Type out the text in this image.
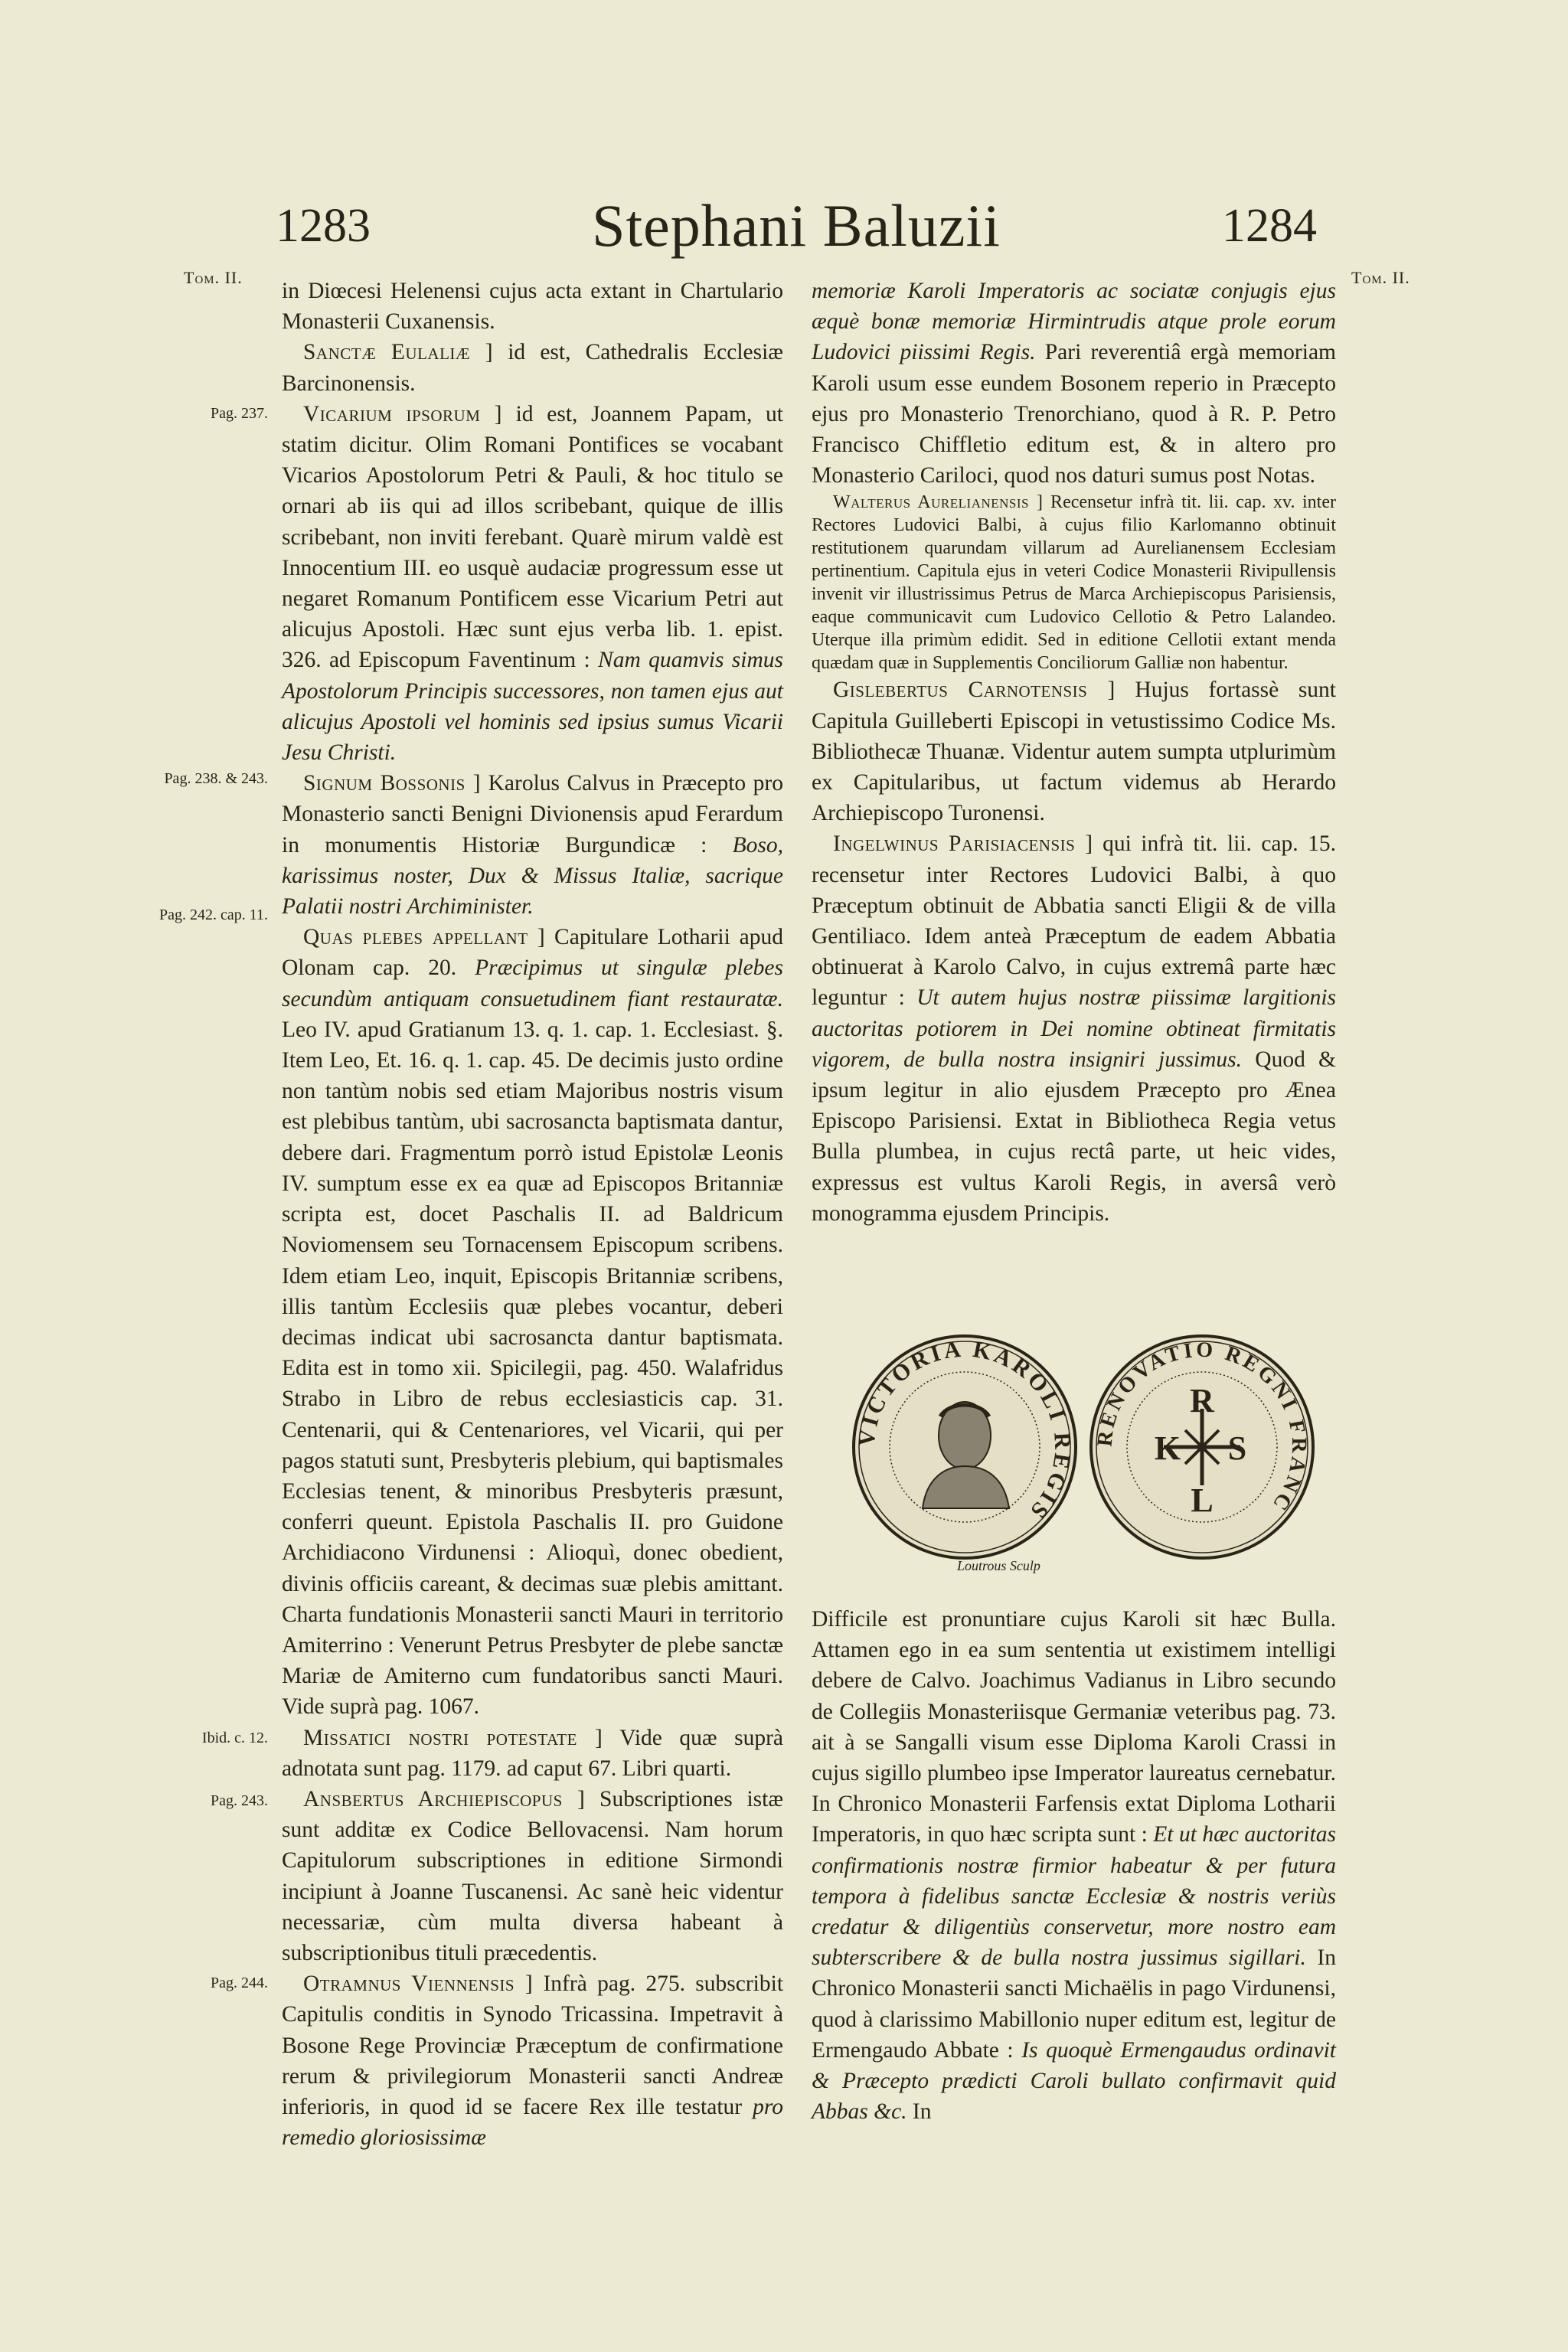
1283	Stephani Baluzii	1284
Tom. II.	Tom. II.
Pag. 237.
Pag. 238. & 243.
Pag. 242. cap. 11.
Ibid. c. 12.
Pag. 243.
Pag. 244.

in Diœcesi Helenensi cujus acta extant in Chartulario Monasterii Cuxanensis.

Sanctæ Eulaliæ ] id est, Cathedralis Ecclesiæ Barcinonensis.

Vicarium ipsorum ] id est, Joannem Papam, ut statim dicitur. Olim Romani Pontifices se vocabant Vicarios Apostolorum Petri & Pauli, & hoc titulo se ornari ab iis qui ad illos scribebant, quique de illis scribebant, non inviti ferebant. Quarè mirum valdè est Innocentium III. eo usquè audaciæ progressum esse ut negaret Romanum Pontificem esse Vicarium Petri aut alicujus Apostoli. Hæc sunt ejus verba lib. 1. epist. 326. ad Episcopum Faventinum : Nam quamvis simus Apostolorum Principis successores, non tamen ejus aut alicujus Apostoli vel hominis sed ipsius sumus Vicarii Jesu Christi.

Signum Bossonis ] Karolus Calvus in Præcepto pro Monasterio sancti Benigni Divionensis apud Ferardum in monumentis Historiæ Burgundicæ : Boso, karissimus noster, Dux & Missus Italiæ, sacrique Palatii nostri Archiminister.

Quas plebes appellant ] Capitulare Lotharii apud Olonam cap. 20. Præcipimus ut singulæ plebes secundùm antiquam consuetudinem fiant restauratæ. Leo IV. apud Gratianum 13. q. 1. cap. 1. Ecclesiast. §. Item Leo, Et. 16. q. 1. cap. 45. De decimis justo ordine non tantùm nobis sed etiam Majoribus nostris visum est plebibus tantùm, ubi sacrosancta baptismata dantur, debere dari. Fragmentum porrò istud Epistolæ Leonis IV. sumptum esse ex ea quæ ad Episcopos Britanniæ scripta est, docet Paschalis II. ad Baldricum Noviomensem seu Tornacensem Episcopum scribens. Idem etiam Leo, inquit, Episcopis Britanniæ scribens, illis tantùm Ecclesiis quæ plebes vocantur, deberi decimas indicat ubi sacrosancta dantur baptismata. Edita est in tomo xii. Spicilegii, pag. 450. Walafridus Strabo in Libro de rebus ecclesiasticis cap. 31. Centenarii, qui & Centenariores, vel Vicarii, qui per pagos statuti sunt, Presbyteris plebium, qui baptismales Ecclesias tenent, & minoribus Presbyteris præsunt, conferri queunt. Epistola Paschalis II. pro Guidone Archidiacono Virdunensi : Alioquì, donec obedient, divinis officiis careant, & decimas suæ plebis amittant. Charta fundationis Monasterii sancti Mauri in territorio Amiterrino : Venerunt Petrus Presbyter de plebe sanctæ Mariæ de Amiterno cum fundatoribus sancti Mauri. Vide suprà pag. 1067.

Missatici nostri potestate ] Vide quæ suprà adnotata sunt pag. 1179. ad caput 67. Libri quarti.

Ansbertus Archiepiscopus ] Subscriptiones istæ sunt additæ ex Codice Bellovacensi. Nam horum Capitulorum subscriptiones in editione Sirmondi incipiunt à Joanne Tuscanensi. Ac sanè heic videntur necessariæ, cùm multa diversa habeant à subscriptionibus tituli præcedentis.

Otramnus Viennensis ] Infrà pag. 275. subscribit Capitulis conditis in Synodo Tricassina. Impetravit à Bosone Rege Provinciæ Præceptum de confirmatione rerum & privilegiorum Monasterii sancti Andreæ inferioris, in quod id se facere Rex ille testatur pro remedio gloriosissimæ

memoriæ Karoli Imperatoris ac sociatæ conjugis ejus æquè bonæ memoriæ Hirmintrudis atque prole eorum Ludovici piissimi Regis. Pari reverentiâ ergà memoriam Karoli usum esse eundem Bosonem reperio in Præcepto ejus pro Monasterio Trenorchiano, quod à R. P. Petro Francisco Chiffletio editum est, & in altero pro Monasterio Cariloci, quod nos daturi sumus post Notas.

Walterus Aurelianensis ] Recensetur infrà tit. lii. cap. xv. inter Rectores Ludovici Balbi, à cujus filio Karlomanno obtinuit restitutionem quarundam villarum ad Aurelianensem Ecclesiam pertinentium. Capitula ejus in veteri Codice Monasterii Rivipullensis invenit vir illustrissimus Petrus de Marca Archiepiscopus Parisiensis, eaque communicavit cum Ludovico Cellotio & Petro Lalandeo. Uterque illa primùm edidit. Sed in editione Cellotii extant menda quædam quæ in Supplementis Conciliorum Galliæ non habentur.

Gislebertus Carnotensis ] Hujus fortassè sunt Capitula Guilleberti Episcopi in vetustissimo Codice Ms. Bibliothecæ Thuanæ. Videntur autem sumpta utplurimùm ex Capitularibus, ut factum videmus ab Herardo Archiepiscopo Turonensi.

Ingelwinus Parisiacensis ] qui infrà tit. lii. cap. 15. recensetur inter Rectores Ludovici Balbi, à quo Præceptum obtinuit de Abbatia sancti Eligii & de villa Gentiliaco. Idem anteà Præceptum de eadem Abbatia obtinuerat à Karolo Calvo, in cujus extremâ parte hæc leguntur : Ut autem hujus nostræ piissimæ largitionis auctoritas potiorem in Dei nomine obtineat firmitatis vigorem, de bulla nostra insigniri jussimus. Quod & ipsum legitur in alio ejusdem Præcepto pro Ænea Episcopo Parisiensi. Extat in Bibliotheca Regia vetus Bulla plumbea, in cujus rectâ parte, ut heic vides, expressus est vultus Karoli Regis, in aversâ verò monogramma ejusdem Principis.

VICTORIA KAROLI REGIS
RENOVATIO REGNI FRANC
K
R
L
S
Loutrous Sculp

Difficile est pronuntiare cujus Karoli sit hæc Bulla. Attamen ego in ea sum sententia ut existimem intelligi debere de Calvo. Joachimus Vadianus in Libro secundo de Collegiis Monasteriisque Germaniæ veteribus pag. 73. ait à se Sangalli visum esse Diploma Karoli Crassi in cujus sigillo plumbeo ipse Imperator laureatus cernebatur. In Chronico Monasterii Farfensis extat Diploma Lotharii Imperatoris, in quo hæc scripta sunt : Et ut hæc auctoritas confirmationis nostræ firmior habeatur & per futura tempora à fidelibus sanctæ Ecclesiæ & nostris veriùs credatur & diligentiùs conservetur, more nostro eam subterscribere & de bulla nostra jussimus sigillari. In Chronico Monasterii sancti Michaëlis in pago Virdunensi, quod à clarissimo Mabillonio nuper editum est, legitur de Ermengaudo Abbate : Is quoquè Ermengaudus ordinavit & Præcepto prædicti Caroli bullato confirmavit quid Abbas &c. In
